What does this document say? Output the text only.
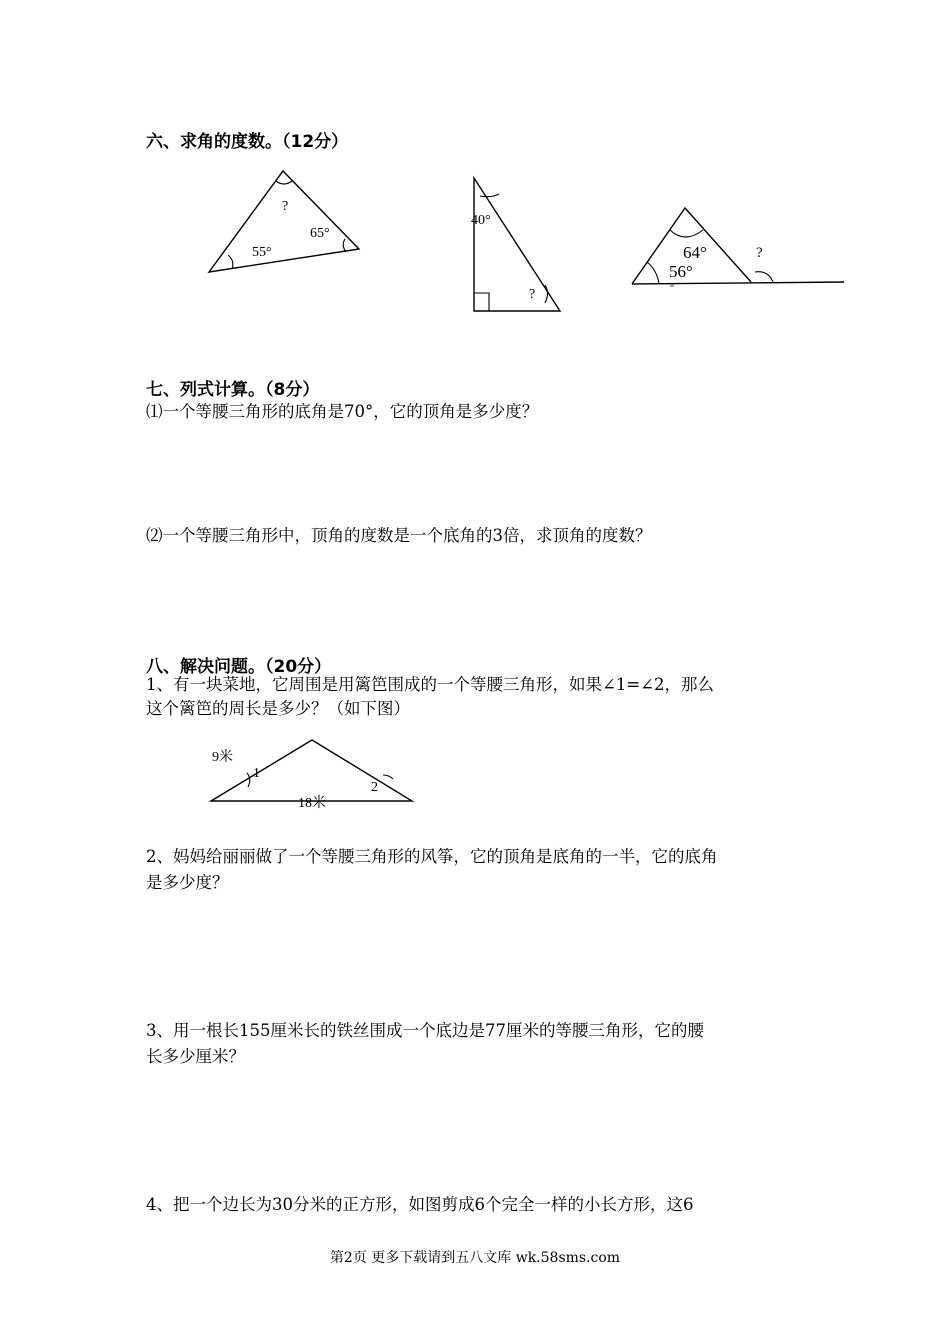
六、求角的度数。（12分）
?
65°
55°
40°
?
64°
56°
°
?
七、列式计算。（8分）
⑴一个等腰三角形的底角是70°，它的顶角是多少度？
⑵一个等腰三角形中，顶角的度数是一个底角的3倍，求顶角的度数？
八、解决问题。（20分）
1、有一块菜地，它周围是用篱笆围成的一个等腰三角形，如果∠1=∠2，那么
这个篱笆的周长是多少？（如下图）
9米
18米
1
2
2、妈妈给丽丽做了一个等腰三角形的风筝，它的顶角是底角的一半，它的底角
是多少度？
3、用一根长155厘米长的铁丝围成一个底边是77厘米的等腰三角形，它的腰
长多少厘米？
4、把一个边长为30分米的正方形，如图剪成6个完全一样的小长方形，这6
第2页 更多下载请到五八文库 wk.58sms.com
